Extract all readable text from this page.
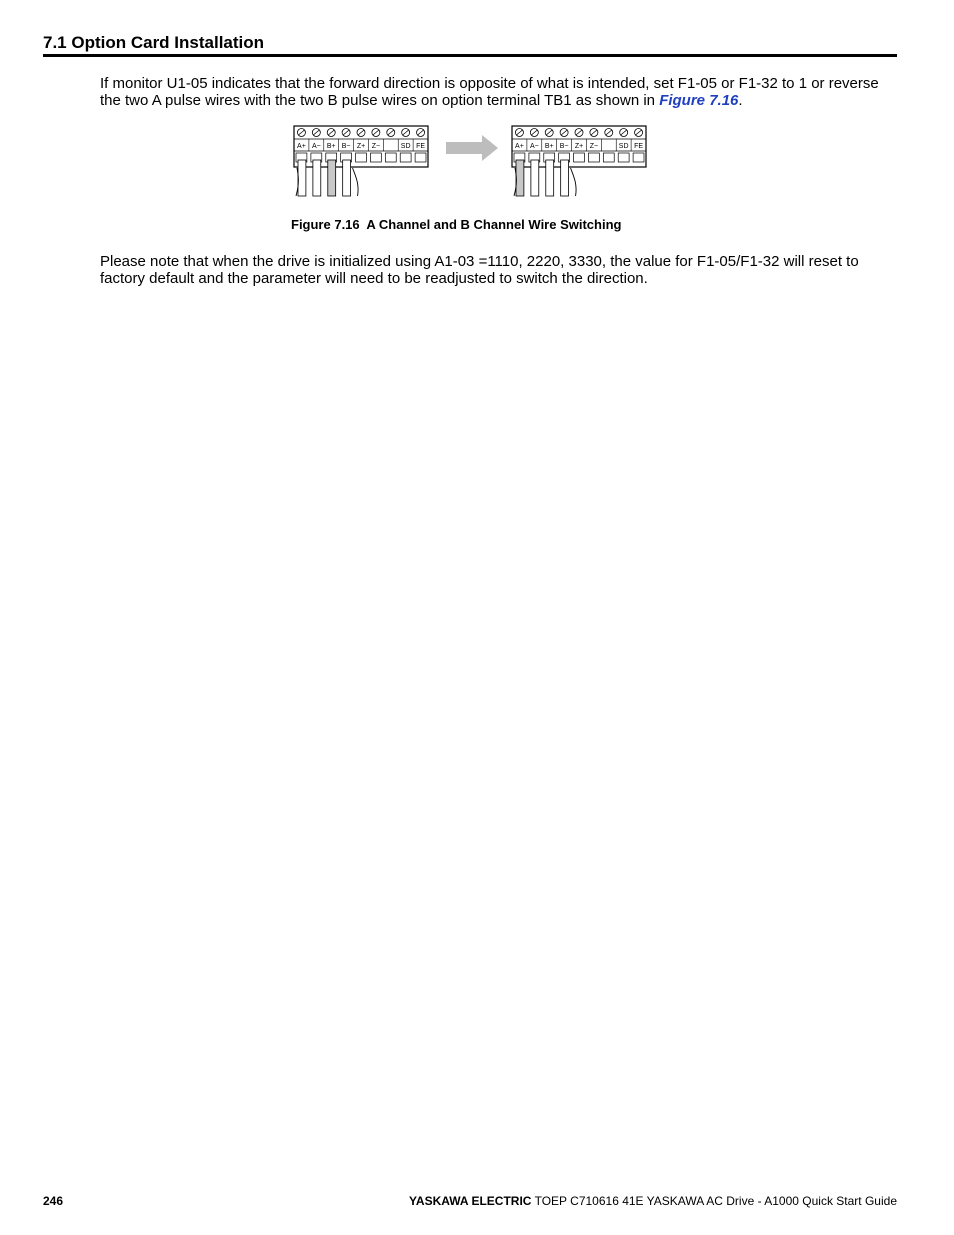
7.1 Option Card Installation

If monitor U1-05 indicates that the forward direction is opposite of what is intended, set F1-05 or F1-32 to 1 or reverse the two A pulse wires with the two B pulse wires on option terminal TB1 as shown in Figure 7.16.

A+ A− B+ B− Z+ Z−	SD FE	A+ A− B+ B− Z+ Z−	SD FE

Figure 7.16  A Channel and B Channel Wire Switching

Please note that when the drive is initialized using A1-03 =1110, 2220, 3330, the value for F1-05/F1-32 will reset to factory default and the parameter will need to be readjusted to switch the direction.

246	YASKAWA ELECTRIC TOEP C710616 41E YASKAWA AC Drive - A1000 Quick Start Guide
